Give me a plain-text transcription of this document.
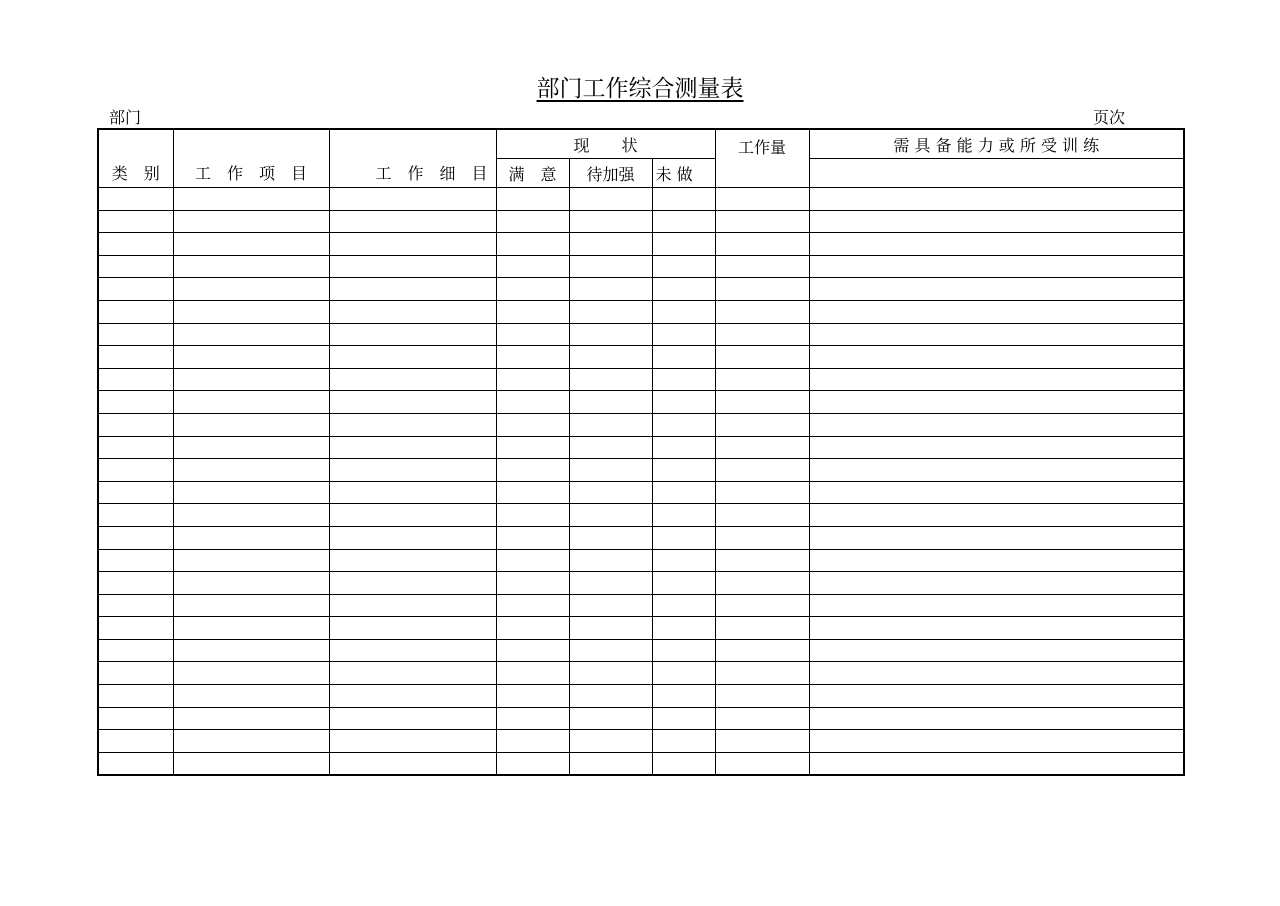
部门工作综合测量表
部门	页次
类　别	工　作　项　目	工　作　细　目	现　　状			工作量	需 具 备 能 力 或 所 受 训 练
			满　意	待加强	未 做		
